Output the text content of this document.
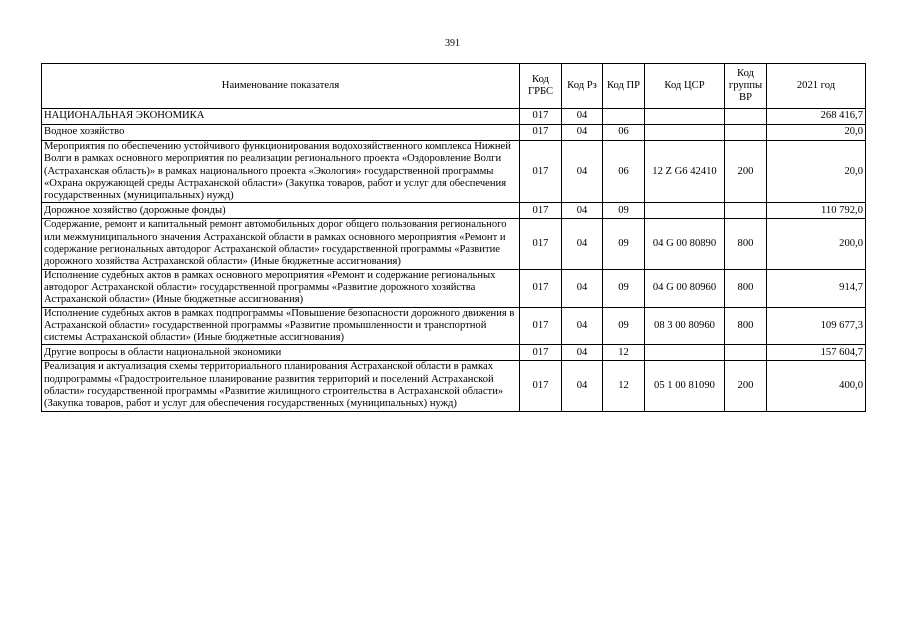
391
Наименование показателя	Код ГРБС	Код Рз	Код ПР	Код ЦСР	Код группы ВР	2021 год
НАЦИОНАЛЬНАЯ ЭКОНОМИКА	017	04				268 416,7
Водное хозяйство	017	04	06			20,0
Мероприятия по обеспечению устойчивого функционирования водохозяйственного комплекса Нижней Волги в рамках основного мероприятия по реализации регионального проекта «Оздоровление Волги (Астраханская область)» в рамках национального проекта «Экология» государственной программы «Охрана окружающей среды Астраханской области» (Закупка товаров, работ и услуг для обеспечения государственных (муниципальных) нужд)	017	04	06	12 Z G6 42410	200	20,0
Дорожное хозяйство (дорожные фонды)	017	04	09			110 792,0
Содержание, ремонт и капитальный ремонт автомобильных дорог общего пользования регионального или межмуниципального значения Астраханской области в рамках основного мероприятия «Ремонт и содержание региональных автодорог Астраханской области» государственной программы «Развитие дорожного хозяйства Астраханской области» (Иные бюджетные ассигнования)	017	04	09	04 G 00 80890	800	200,0
Исполнение судебных актов в рамках основного мероприятия «Ремонт и содержание региональных автодорог Астраханской области» государственной программы «Развитие дорожного хозяйства Астраханской области» (Иные бюджетные ассигнования)	017	04	09	04 G 00 80960	800	914,7
Исполнение судебных актов в рамках подпрограммы «Повышение безопасности дорожного движения в Астраханской области» государственной программы «Развитие промышленности и транспортной системы Астраханской области» (Иные бюджетные ассигнования)	017	04	09	08 3 00 80960	800	109 677,3
Другие вопросы в области национальной экономики	017	04	12			157 604,7
Реализация и актуализация схемы территориального планирования Астраханской области в рамках подпрограммы «Градостроительное планирование развития территорий и поселений Астраханской области» государственной программы «Развитие жилищного строительства в Астраханской области» (Закупка товаров, работ и услуг для обеспечения государственных (муниципальных) нужд)	017	04	12	05 1 00 81090	200	400,0
